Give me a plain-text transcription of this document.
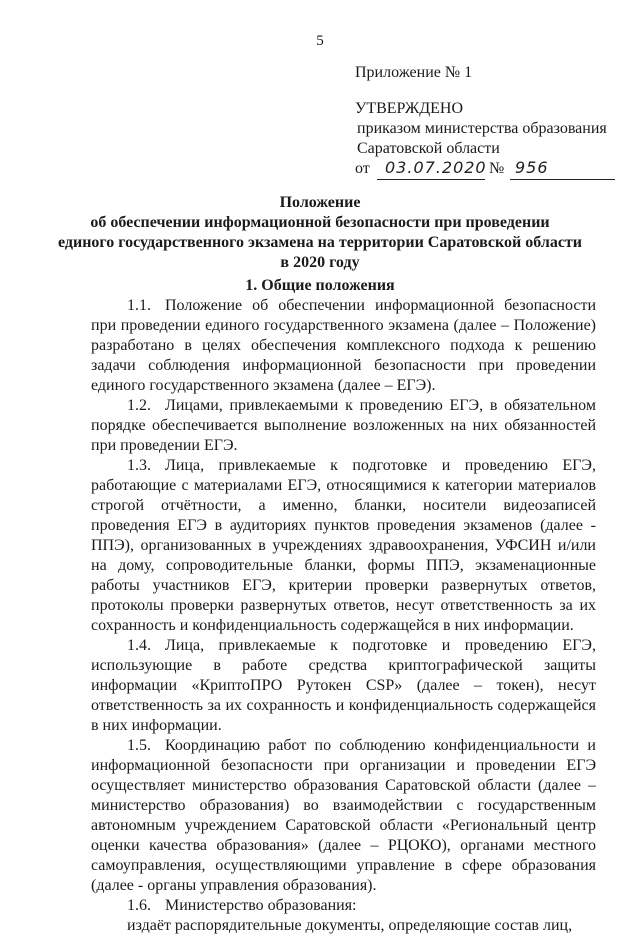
5
Приложение № 1
УТВЕРЖДЕНО
приказом министерства образования
Саратовской области
от 03.07.2020 № 956
Положение
об обеспечении информационной безопасности при проведении
единого государственного экзамена на территории Саратовской области
в 2020 году
1. Общие положения

1.1. Положение об обеспечении информационной безопасности при проведении единого государственного экзамена (далее – Положение) разработано в целях обеспечения комплексного подхода к решению задачи соблюдения информационной безопасности при проведении единого государственного экзамена (далее – ЕГЭ).

1.2. Лицами, привлекаемыми к проведению ЕГЭ, в обязательном порядке обеспечивается выполнение возложенных на них обязанностей при проведении ЕГЭ.

1.3. Лица, привлекаемые к подготовке и проведению ЕГЭ, работающие с материалами ЕГЭ, относящимися к категории материалов строгой отчётности, а именно, бланки, носители видеозаписей проведения ЕГЭ в аудиториях пунктов проведения экзаменов (далее - ППЭ), организованных в учреждениях здравоохранения, УФСИН и/или на дому, сопроводительные бланки, формы ППЭ, экзаменационные работы участников ЕГЭ, критерии проверки развернутых ответов, протоколы проверки развернутых ответов, несут ответственность за их сохранность и конфиденциальность содержащейся в них информации.

1.4. Лица, привлекаемые к подготовке и проведению ЕГЭ, использующие в работе средства криптографической защиты информации «КриптоПРО Рутокен CSP» (далее – токен), несут ответственность за их сохранность и конфиденциальность содержащейся в них информации.

1.5. Координацию работ по соблюдению конфиденциальности и информационной безопасности при организации и проведении ЕГЭ осуществляет министерство образования Саратовской области (далее – министерство образования) во взаимодействии с государственным автономным учреждением Саратовской области «Региональный центр оценки качества образования» (далее – РЦОКО), органами местного самоуправления, осуществляющими управление в сфере образования (далее - органы управления образования).

1.6. Министерство образования:

издаёт распорядительные документы, определяющие состав лиц,
